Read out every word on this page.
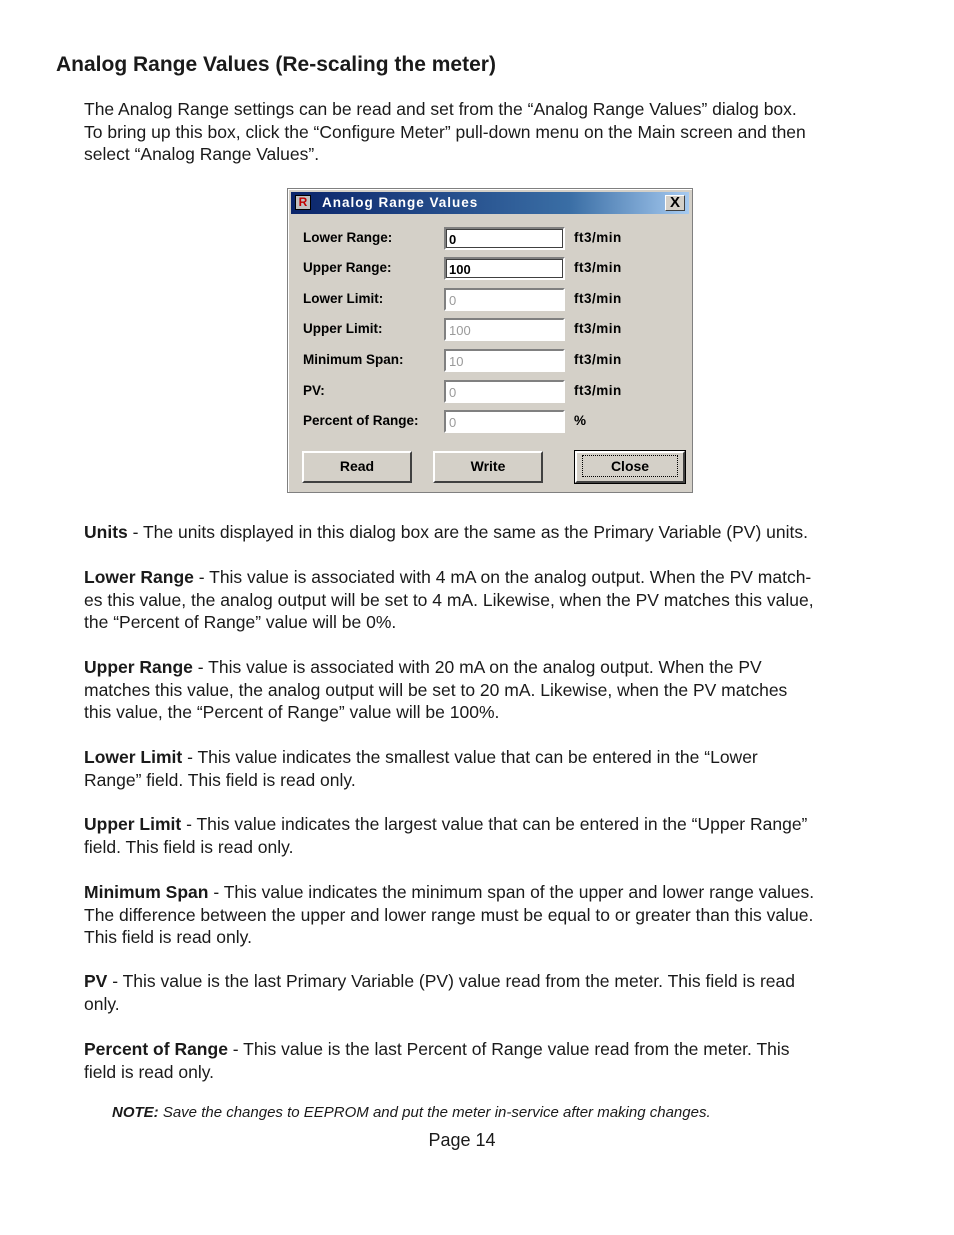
Analog Range Values (Re-scaling the meter)

The Analog Range settings can be read and set from the “Analog Range Values” dialog box.
To bring up this box, click the “Configure Meter” pull-down menu on the Main screen and then
select “Analog Range Values”.

R Analog Range Values	X
Lower Range:	0	ft3/min
Upper Range:	100	ft3/min
Lower Limit:	0	ft3/min
Upper Limit:	100	ft3/min
Minimum Span:	10	ft3/min
PV:	0	ft3/min
Percent of Range:	0	%
Read	Write	Close

Units - The units displayed in this dialog box are the same as the Primary Variable (PV) units.

Lower Range - This value is associated with 4 mA on the analog output. When the PV match-
es this value, the analog output will be set to 4 mA. Likewise, when the PV matches this value,
the “Percent of Range” value will be 0%.

Upper Range - This value is associated with 20 mA on the analog output. When the PV
matches this value, the analog output will be set to 20 mA. Likewise, when the PV matches
this value, the “Percent of Range” value will be 100%.

Lower Limit - This value indicates the smallest value that can be entered in the “Lower
Range” field. This field is read only.

Upper Limit - This value indicates the largest value that can be entered in the “Upper Range”
field. This field is read only.

Minimum Span - This value indicates the minimum span of the upper and lower range values.
The difference between the upper and lower range must be equal to or greater than this value.
This field is read only.

PV - This value is the last Primary Variable (PV) value read from the meter. This field is read
only.

Percent of Range - This value is the last Percent of Range value read from the meter. This
field is read only.

NOTE: Save the changes to EEPROM and put the meter in-service after making changes.

Page 14
